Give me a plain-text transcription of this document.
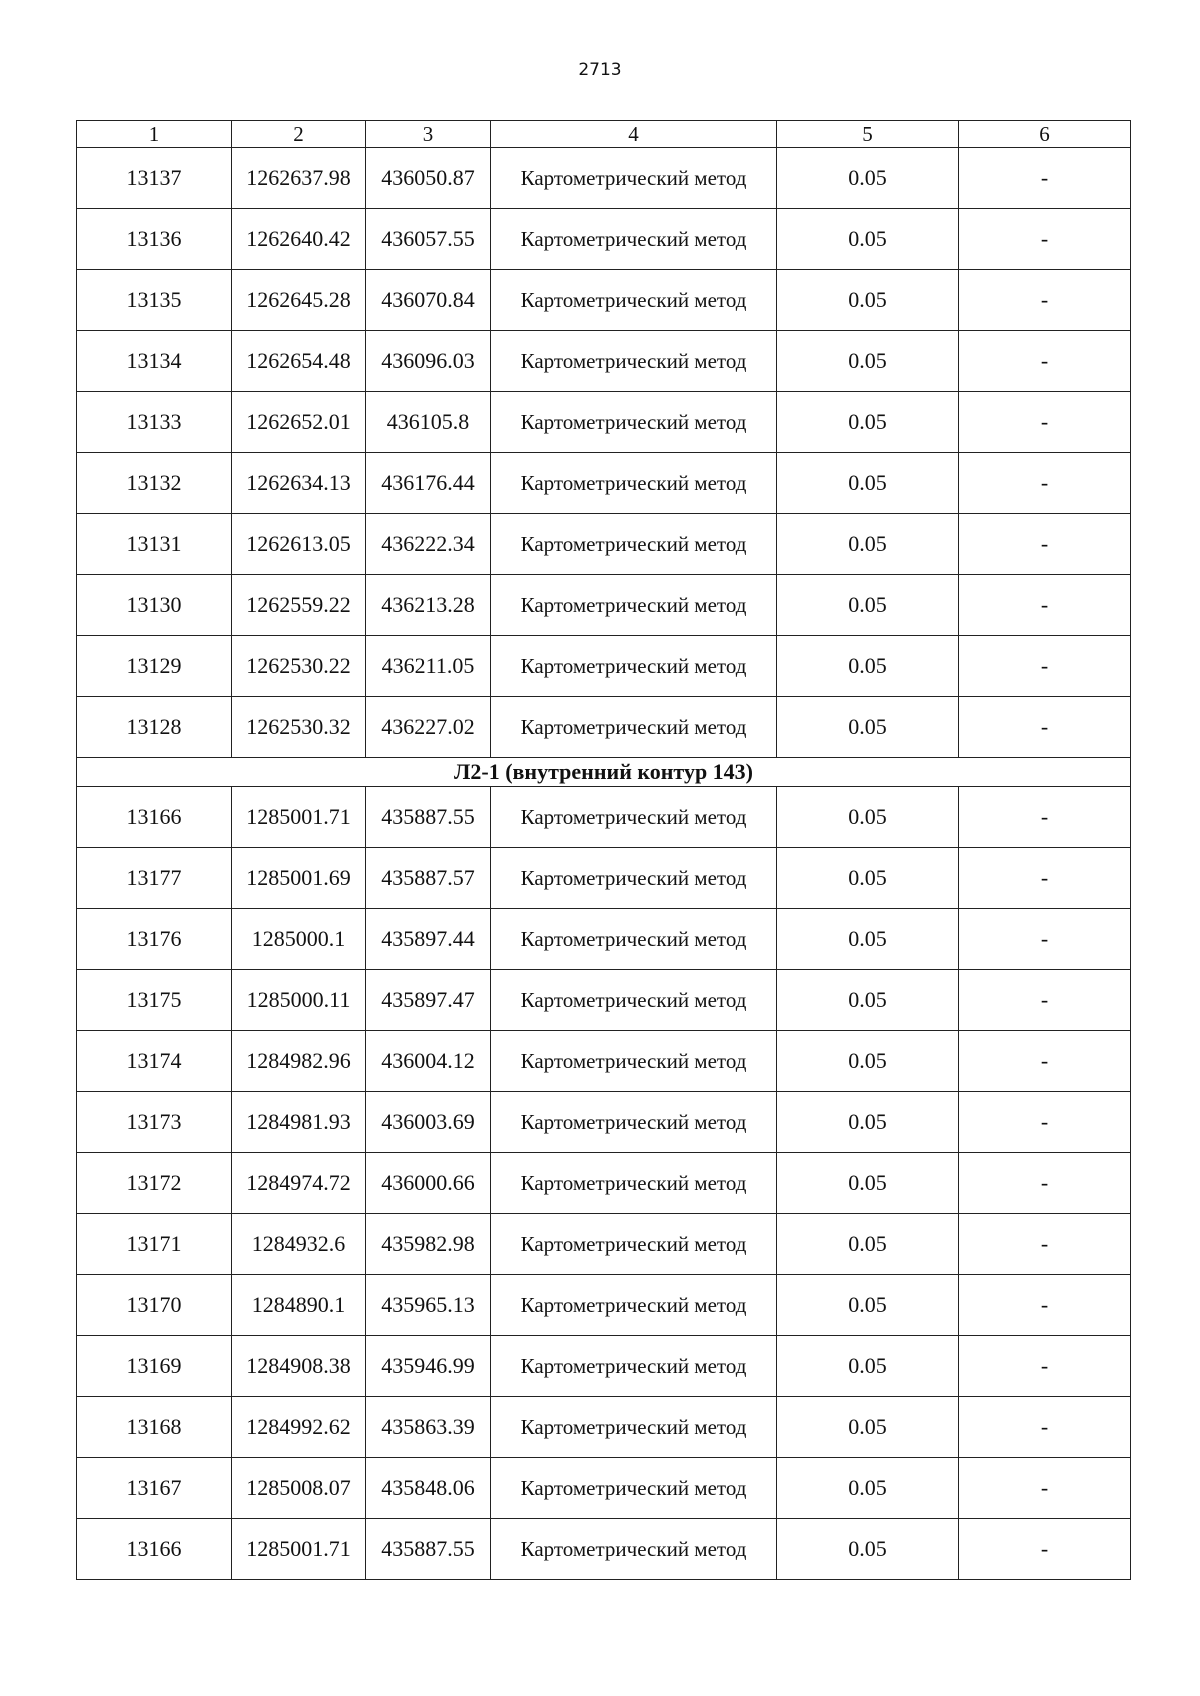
2713
1	2	3	4	5	6
13137	1262637.98	436050.87	Картометрический метод	0.05	-
13136	1262640.42	436057.55	Картометрический метод	0.05	-
13135	1262645.28	436070.84	Картометрический метод	0.05	-
13134	1262654.48	436096.03	Картометрический метод	0.05	-
13133	1262652.01	436105.8	Картометрический метод	0.05	-
13132	1262634.13	436176.44	Картометрический метод	0.05	-
13131	1262613.05	436222.34	Картометрический метод	0.05	-
13130	1262559.22	436213.28	Картометрический метод	0.05	-
13129	1262530.22	436211.05	Картометрический метод	0.05	-
13128	1262530.32	436227.02	Картометрический метод	0.05	-
Л2-1 (внутренний контур 143)					
13166	1285001.71	435887.55	Картометрический метод	0.05	-
13177	1285001.69	435887.57	Картометрический метод	0.05	-
13176	1285000.1	435897.44	Картометрический метод	0.05	-
13175	1285000.11	435897.47	Картометрический метод	0.05	-
13174	1284982.96	436004.12	Картометрический метод	0.05	-
13173	1284981.93	436003.69	Картометрический метод	0.05	-
13172	1284974.72	436000.66	Картометрический метод	0.05	-
13171	1284932.6	435982.98	Картометрический метод	0.05	-
13170	1284890.1	435965.13	Картометрический метод	0.05	-
13169	1284908.38	435946.99	Картометрический метод	0.05	-
13168	1284992.62	435863.39	Картометрический метод	0.05	-
13167	1285008.07	435848.06	Картометрический метод	0.05	-
13166	1285001.71	435887.55	Картометрический метод	0.05	-
